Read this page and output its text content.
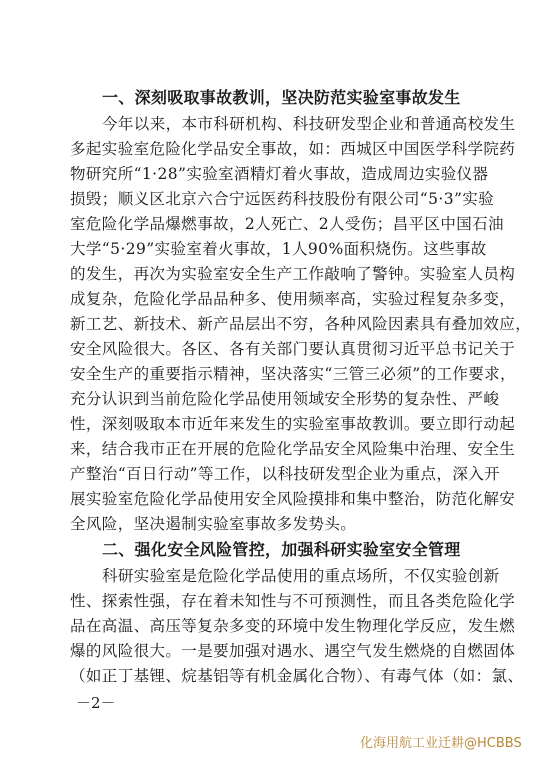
一、深刻吸取事故教训，坚决防范实验室事故发生
今年以来，本市科研机构、科技研发型企业和普通高校发生
多起实验室危险化学品安全事故，如：西城区中国医学科学院药
物研究所“1·28”实验室酒精灯着火事故，造成周边实验仪器
损毁；顺义区北京六合宁远医药科技股份有限公司“5·3”实验
室危险化学品爆燃事故，2人死亡、2人受伤；昌平区中国石油
大学“5·29”实验室着火事故，1人90%面积烧伤。这些事故
的发生，再次为实验室安全生产工作敲响了警钟。实验室人员构
成复杂，危险化学品品种多、使用频率高，实验过程复杂多变，
新工艺、新技术、新产品层出不穷，各种风险因素具有叠加效应，
安全风险很大。各区、各有关部门要认真贯彻习近平总书记关于
安全生产的重要指示精神，坚决落实“三管三必须”的工作要求，
充分认识到当前危险化学品使用领域安全形势的复杂性、严峻
性，深刻吸取本市近年来发生的实验室事故教训。要立即行动起
来，结合我市正在开展的危险化学品安全风险集中治理、安全生
产整治“百日行动”等工作，以科技研发型企业为重点，深入开
展实验室危险化学品使用安全风险摸排和集中整治，防范化解安
全风险，坚决遏制实验室事故多发势头。
二、强化安全风险管控，加强科研实验室安全管理
科研实验室是危险化学品使用的重点场所，不仅实验创新
性、探索性强，存在着未知性与不可预测性，而且各类危险化学
品在高温、高压等复杂多变的环境中发生物理化学反应，发生燃
爆的风险很大。一是要加强对遇水、遇空气发生燃烧的自燃固体
（如正丁基锂、烷基铝等有机金属化合物）、有毒气体（如：氯、
－2－
化海用航工业迁耕@HCBBS
